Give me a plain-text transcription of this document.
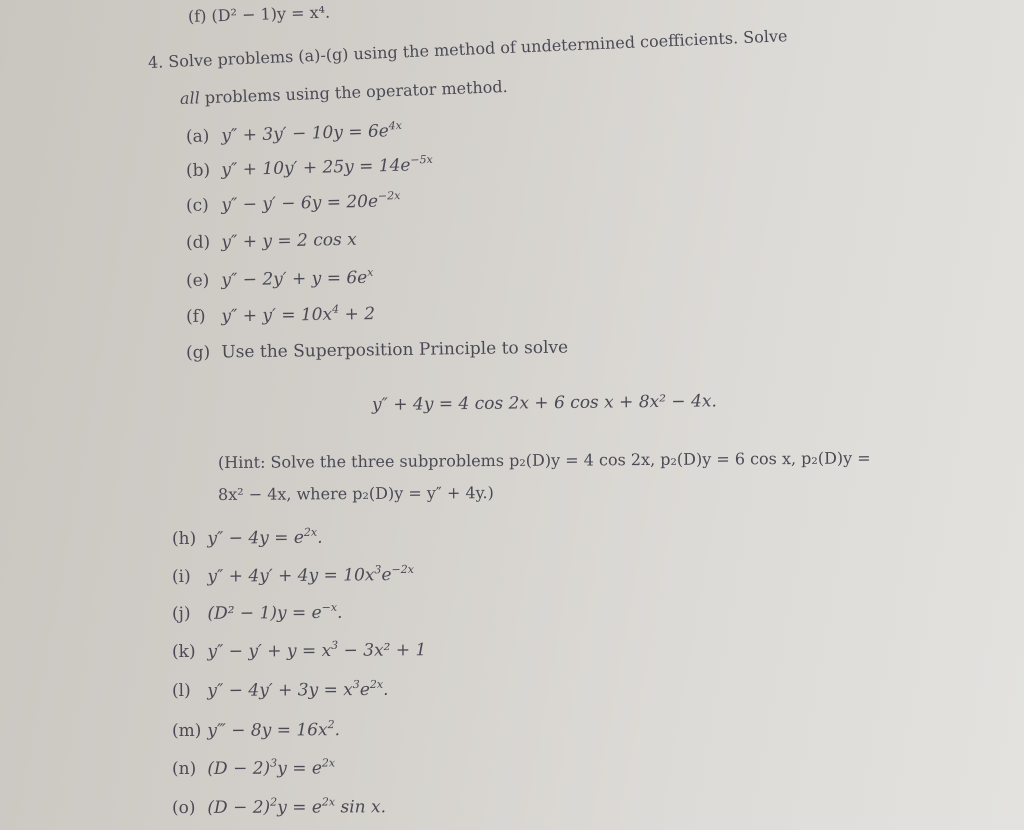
(f) (D² − 1)y = x⁴.
4. Solve problems (a)-(g) using the method of undetermined coefficients. Solve
all problems using the operator method.
(a) $y'' + 3y' - 10y = 6e^{4x}$
(b) $y'' + 10y' + 25y = 14e^{-5x}$
(c) $y'' - y' - 6y = 20e^{-2x}$
(d) y″ + y = 2 cos x
(e) $y'' - 2y' + y = 6e^x$
(f) $y'' + y' = 10x^4 + 2$
(g) Use the Superposition Principle to solve
y″ + 4y = 4 cos 2x + 6 cos x + 8x² − 4x.
(Hint: Solve the three subproblems p₂(D)y = 4 cos 2x, p₂(D)y = 6 cos x, p₂(D)y =
8x² − 4x, where p₂(D)y = y″ + 4y.)
(h) $y'' - 4y = e^{2x}$.
(i) $y'' + 4y' + 4y = 10x^3e^{-2x}$
(j) $(D^2 - 1)y = e^{-x}$.
(k) $y'' - y' + y = x^3 - 3x^2 + 1$
(l) $y'' - 4y' + 3y = x^3e^{2x}$.
(m) y‴ − $8y = 16x^2$.
(n) $(D - 2)^3y = e^{2x}$
(o) $(D - 2)^2y = e^{2x}$ sin x.
